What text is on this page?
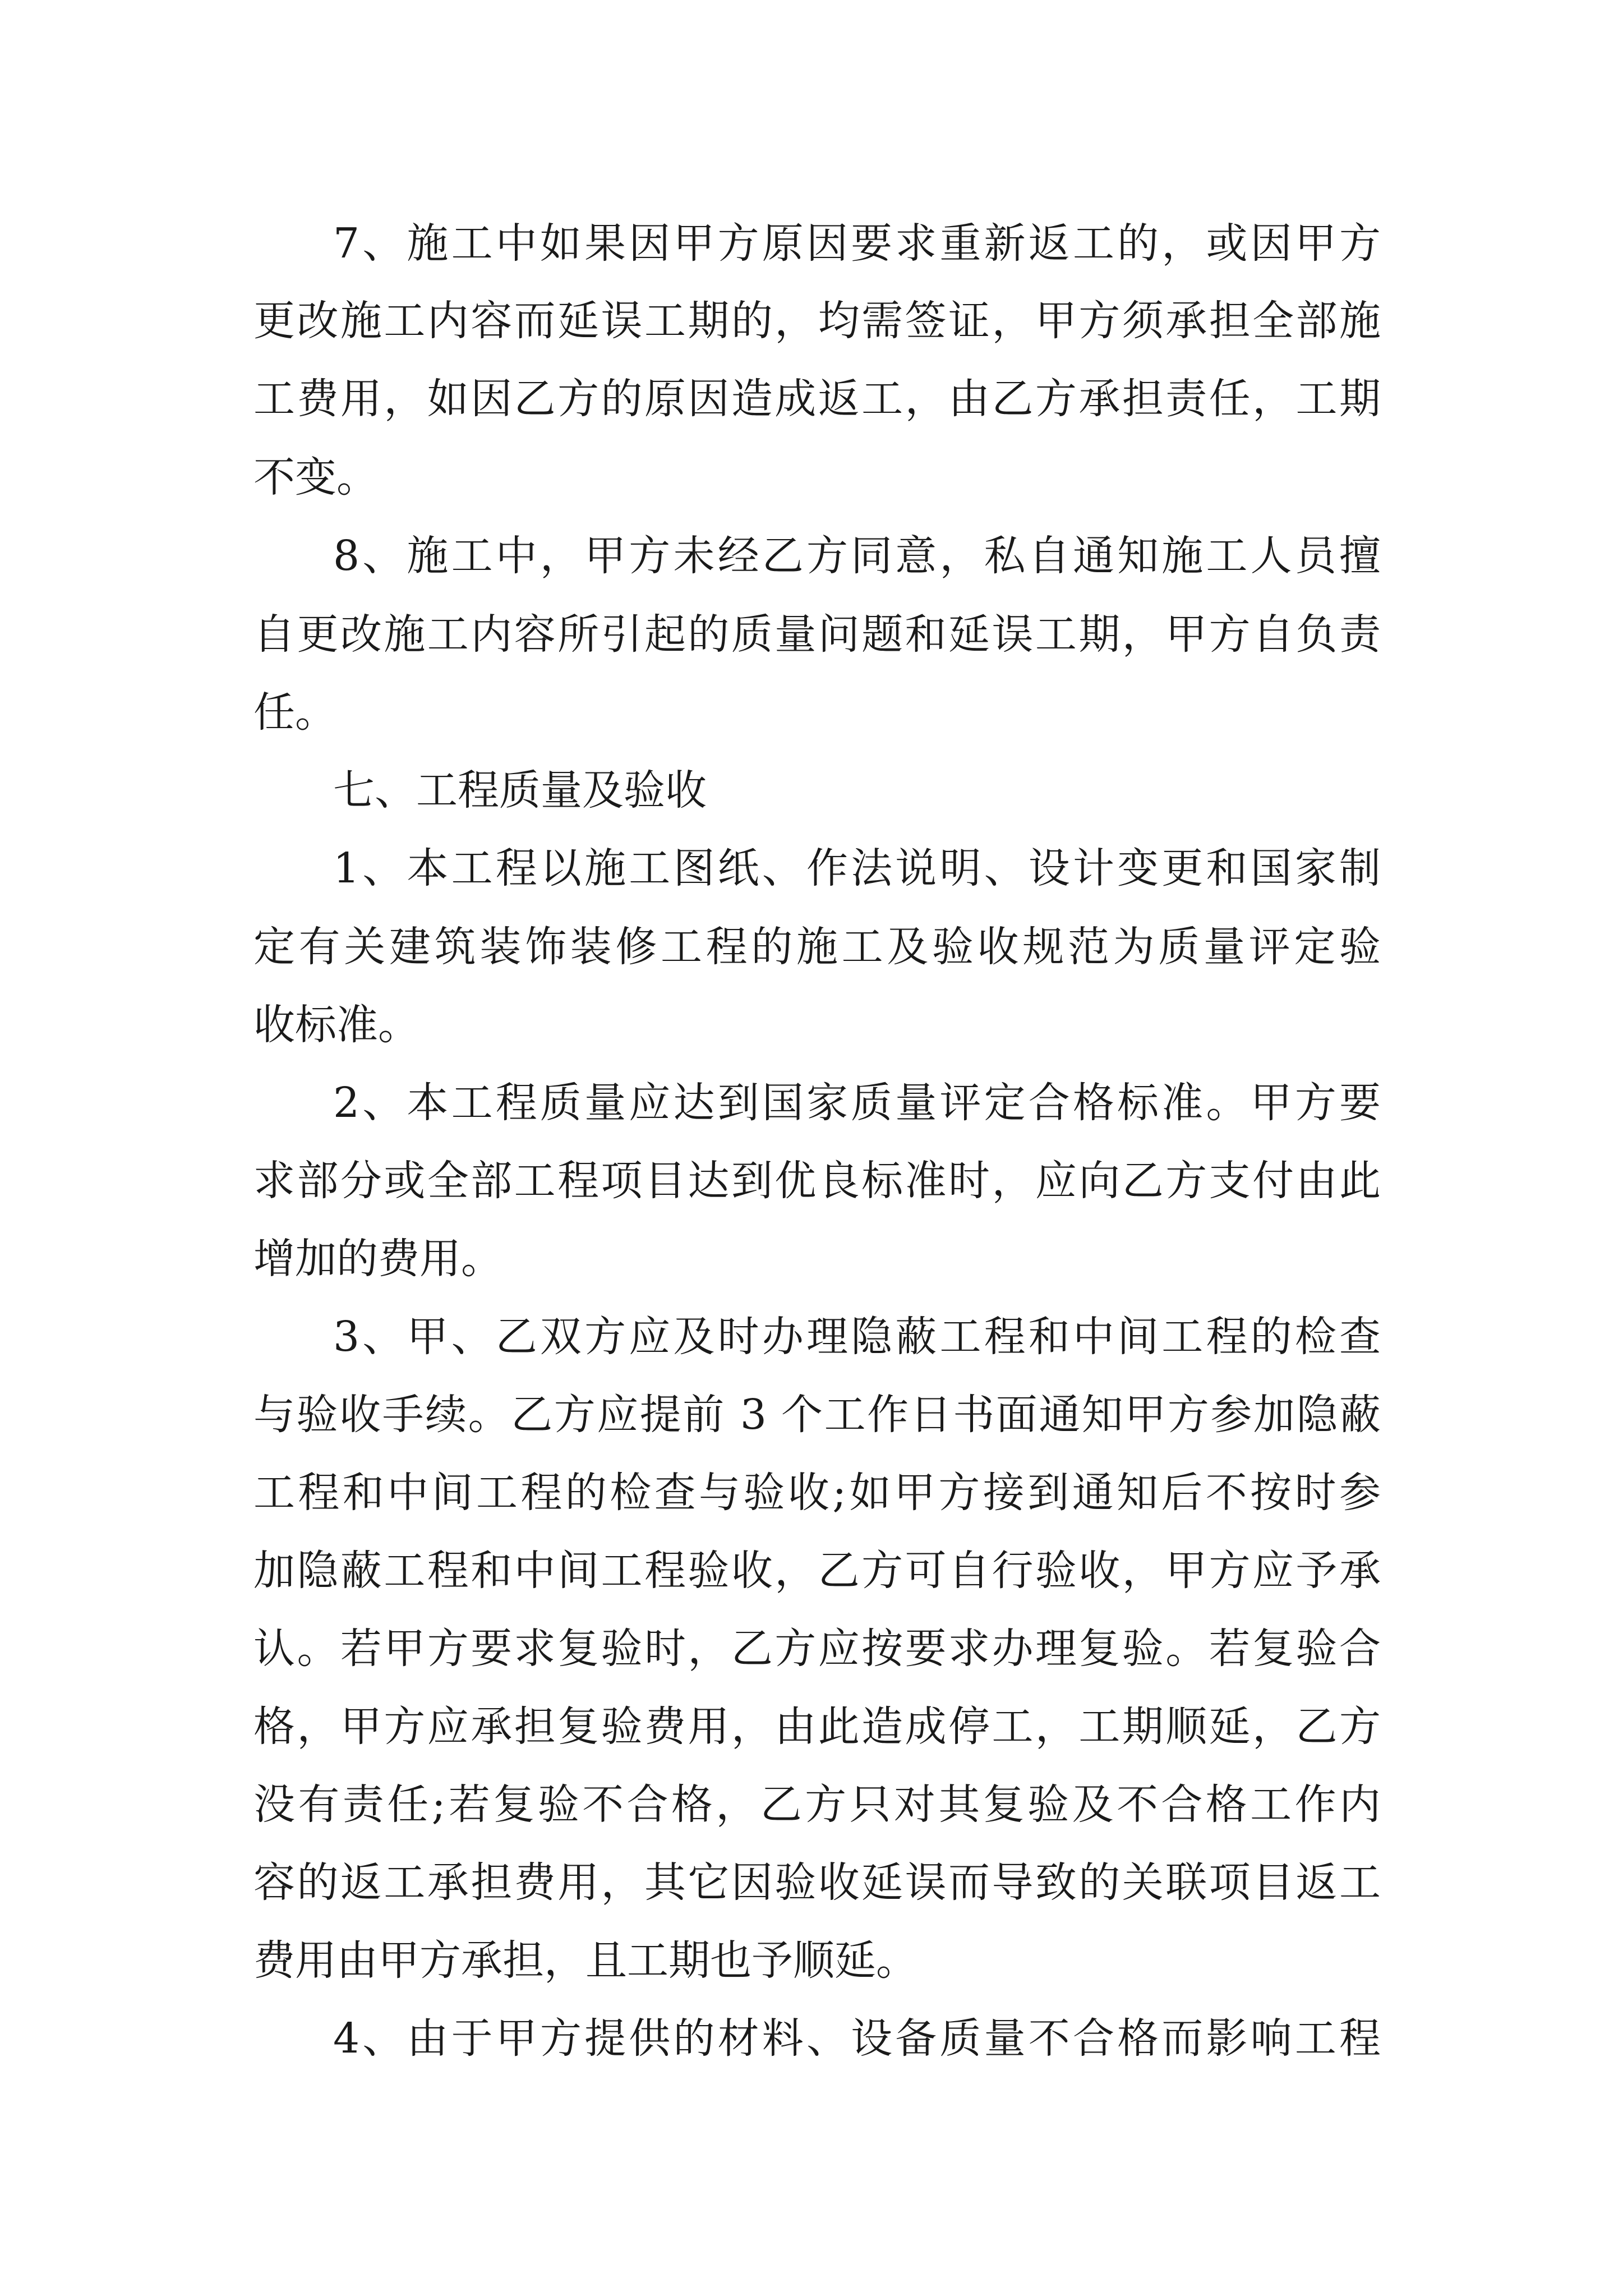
7、施工中如果因甲方原因要求重新返工的，或因甲方
更改施工内容而延误工期的，均需签证，甲方须承担全部施
工费用，如因乙方的原因造成返工，由乙方承担责任，工期
不变。
8、施工中，甲方未经乙方同意，私自通知施工人员擅
自更改施工内容所引起的质量问题和延误工期，甲方自负责
任。
七、工程质量及验收
1、本工程以施工图纸、作法说明、设计变更和国家制
定有关建筑装饰装修工程的施工及验收规范为质量评定验
收标准。
2、本工程质量应达到国家质量评定合格标准。甲方要
求部分或全部工程项目达到优良标准时，应向乙方支付由此
增加的费用。
3、甲、乙双方应及时办理隐蔽工程和中间工程的检查
与验收手续。乙方应提前 3 个工作日书面通知甲方参加隐蔽
工程和中间工程的检查与验收;如甲方接到通知后不按时参
加隐蔽工程和中间工程验收，乙方可自行验收，甲方应予承
认。若甲方要求复验时，乙方应按要求办理复验。若复验合
格，甲方应承担复验费用，由此造成停工，工期顺延，乙方
没有责任;若复验不合格，乙方只对其复验及不合格工作内
容的返工承担费用，其它因验收延误而导致的关联项目返工
费用由甲方承担，且工期也予顺延。
4、由于甲方提供的材料、设备质量不合格而影响工程
